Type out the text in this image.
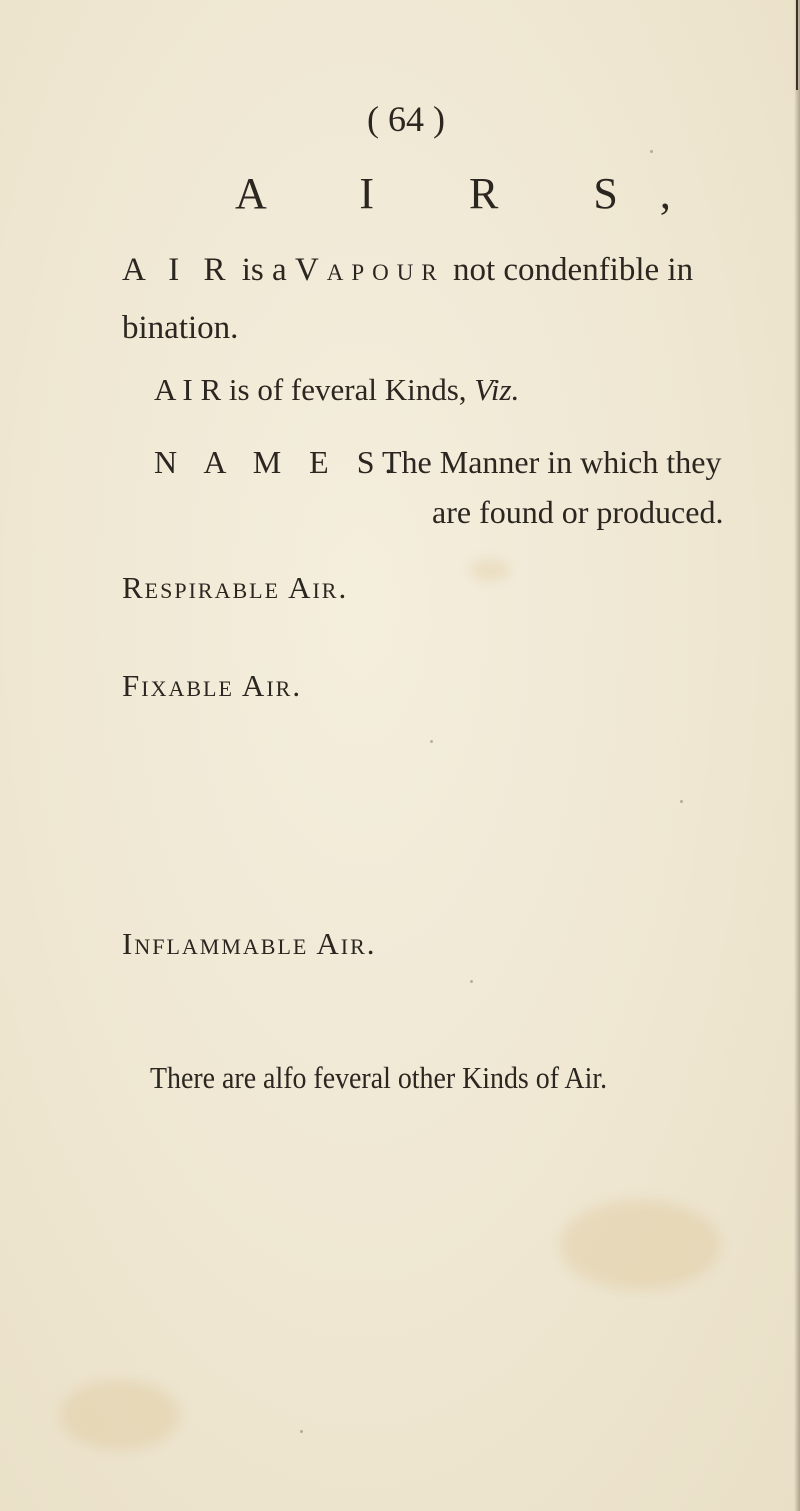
( 64 )
A I R S,
A I R is a Vapour not condenfible in
bination.
A I R is of feveral Kinds, Viz.
N A M E S.
The Manner in which they
are found or produced.
Respirable Air.
Fixable Air.
Inflammable Air.
There are alfo feveral other Kinds of Air.
